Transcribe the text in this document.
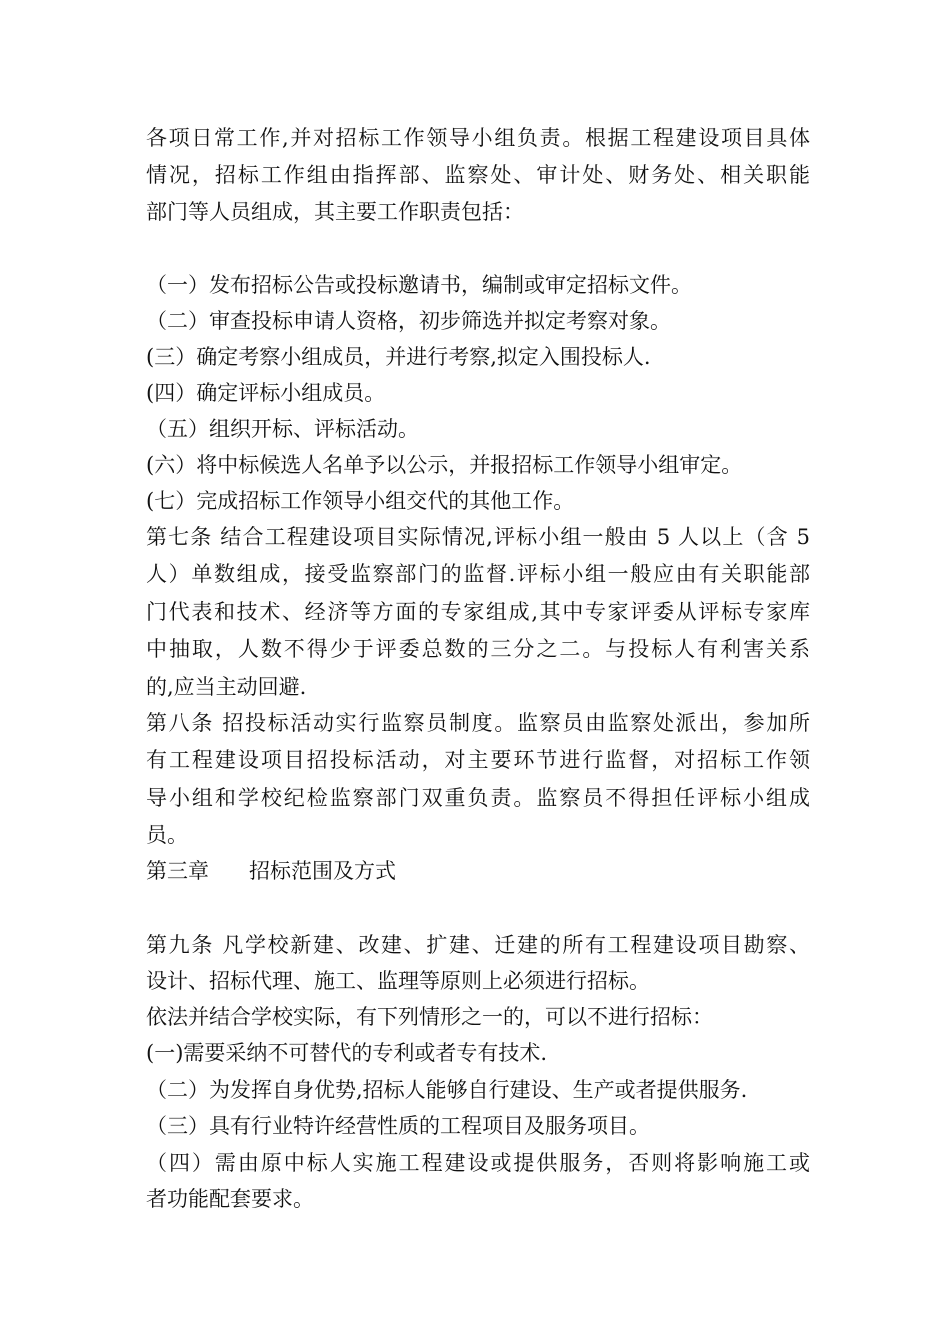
各项日常工作,并对招标工作领导小组负责。根据工程建设项目具体
情况，招标工作组由指挥部、监察处、审计处、财务处、相关职能
部门等人员组成，其主要工作职责包括：
（一）发布招标公告或投标邀请书，编制或审定招标文件。
（二）审查投标申请人资格，初步筛选并拟定考察对象。
(三）确定考察小组成员，并进行考察,拟定入围投标人.
(四）确定评标小组成员。
（五）组织开标、评标活动。
(六）将中标候选人名单予以公示，并报招标工作领导小组审定。
(七）完成招标工作领导小组交代的其他工作。
第七条 结合工程建设项目实际情况,评标小组一般由 5 人以上（含 5
人）单数组成，接受监察部门的监督.评标小组一般应由有关职能部
门代表和技术、经济等方面的专家组成,其中专家评委从评标专家库
中抽取，人数不得少于评委总数的三分之二。与投标人有利害关系
的,应当主动回避.
第八条 招投标活动实行监察员制度。监察员由监察处派出，参加所
有工程建设项目招投标活动，对主要环节进行监督，对招标工作领
导小组和学校纪检监察部门双重负责。监察员不得担任评标小组成
员。
第三章      招标范围及方式
第九条 凡学校新建、改建、扩建、迁建的所有工程建设项目勘察、
设计、招标代理、施工、监理等原则上必须进行招标。
依法并结合学校实际，有下列情形之一的，可以不进行招标：
(一)需要采纳不可替代的专利或者专有技术.
（二）为发挥自身优势,招标人能够自行建设、生产或者提供服务.
（三）具有行业特许经营性质的工程项目及服务项目。
（四）需由原中标人实施工程建设或提供服务，否则将影响施工或
者功能配套要求。
